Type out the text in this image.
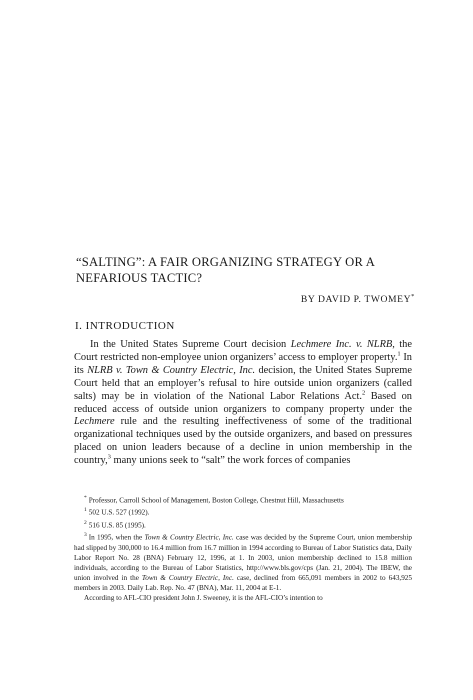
“SALTING”: A FAIR ORGANIZING STRATEGY OR A
NEFARIOUS TACTIC?
BY DAVID P. TWOMEY*
I. INTRODUCTION

In the United States Supreme Court decision Lechmere Inc. v. NLRB, the Court restricted non-employee union organizers’ access to employer property.$^1$ In its NLRB v. Town & Country Electric, Inc. decision, the United States Supreme Court held that an employer’s refusal to hire outside union organizers (called salts) may be in violation of the National Labor Relations Act.$^2$ Based on reduced access of outside union organizers to company property under the Lechmere rule and the resulting ineffectiveness of some of the traditional organizational techniques used by the outside organizers, and based on pressures placed on union leaders because of a decline in union membership in the country,$^3$ many unions seek to “salt” the work forces of companies

* Professor, Carroll School of Management, Boston College, Chestnut Hill, Massachusetts

$^1$ 502 U.S. 527 (1992).

$^2$ 516 U.S. 85 (1995).

$^3$ In 1995, when the Town & Country Electric, Inc. case was decided by the Supreme Court, union membership had slipped by 300,000 to 16.4 million from 16.7 million in 1994 according to Bureau of Labor Statistics data, Daily Labor Report No. 28 (BNA) February 12, 1996, at 1. In 2003, union membership declined to 15.8 million individuals, according to the Bureau of Labor Statistics, http://www.bls.gov/cps (Jan. 21, 2004). The IBEW, the union involved in the Town & Country Electric, Inc. case, declined from 665,091 members in 2002 to 643,925 members in 2003. Daily Lab. Rep. No. 47 (BNA), Mar. 11, 2004 at E-1.

According to AFL-CIO president John J. Sweeney, it is the AFL-CIO’s intention to
